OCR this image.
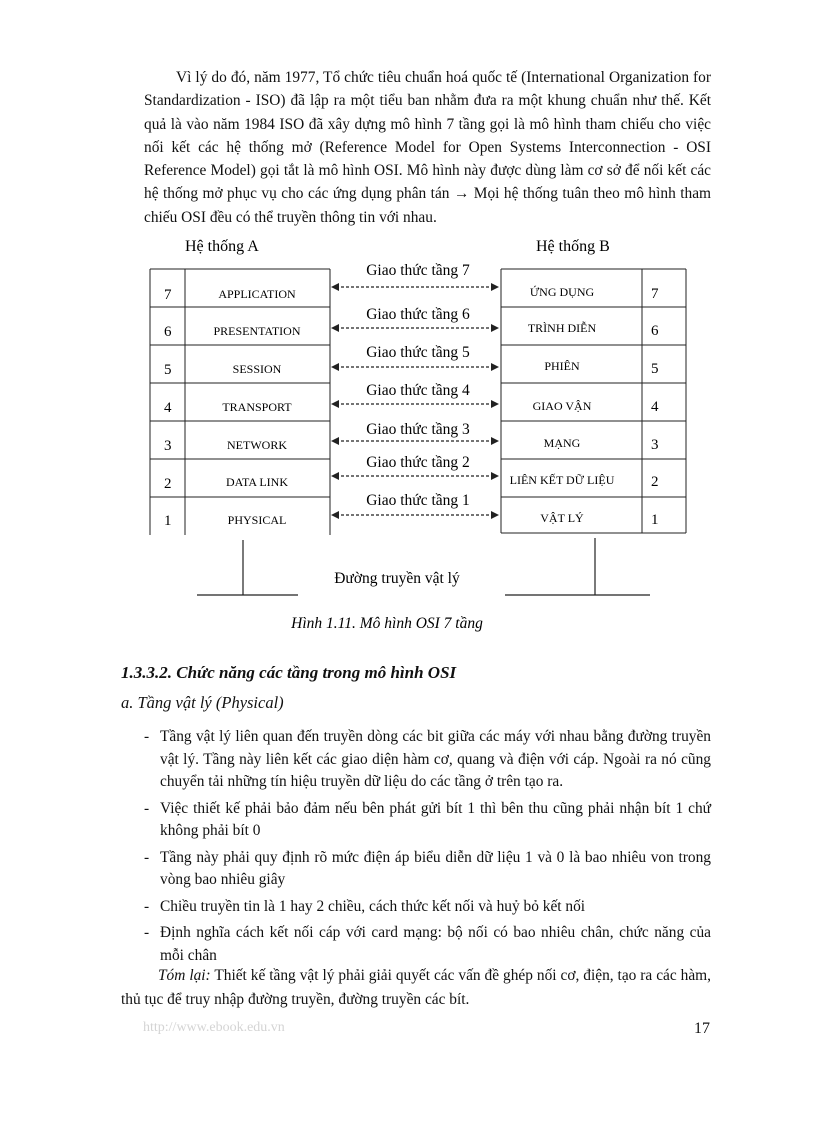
Vì lý do đó, năm 1977, Tổ chức tiêu chuẩn hoá quốc tế (International Organization for Standardization - ISO) đã lập ra một tiểu ban nhằm đưa ra một khung chuẩn như thế. Kết quả là vào năm 1984 ISO đã xây dựng mô hình 7 tầng gọi là mô hình tham chiếu cho việc nối kết các hệ thống mở (Reference Model for Open Systems Interconnection - OSI Reference Model) gọi tắt là mô hình OSI. Mô hình này được dùng làm cơ sở để nối kết các hệ thống mở phục vụ cho các ứng dụng phân tán → Mọi hệ thống tuân theo mô hình tham chiếu OSI đều có thể truyền thông tin với nhau.

Hệ thống A	Hệ thống B
7	APPLICATION	ỨNG DỤNG	7
Giao thức tầng 7
6	PRESENTATION	TRÌNH DIỄN	6
Giao thức tầng 6
5	SESSION	PHIÊN	5
Giao thức tầng 5
4	TRANSPORT	GIAO VẬN	4
Giao thức tầng 4
3	NETWORK	MẠNG	3
Giao thức tầng 3
2	DATA LINK	LIÊN KẾT DỮ LIỆU 2
Giao thức tầng 2
1	PHYSICAL	VẬT LÝ	1
Giao thức tầng 1
Đường truyền vật lý
Hình 1.11. Mô hình OSI 7 tầng
1.3.3.2. Chức năng các tầng trong mô hình OSI
a. Tầng vật lý (Physical)
- Tầng vật lý liên quan đến truyền dòng các bit giữa các máy với nhau bằng đường truyền vật lý. Tầng này liên kết các giao diện hàm cơ, quang và điện với cáp. Ngoài ra nó cũng chuyển tải những tín hiệu truyền dữ liệu do các tầng ở trên tạo ra.
- Việc thiết kế phải bảo đảm nếu bên phát gửi bít 1 thì bên thu cũng phải nhận bít 1 chứ không phải bít 0
- Tầng này phải quy định rõ mức điện áp biểu diễn dữ liệu 1 và 0 là bao nhiêu von trong vòng bao nhiêu giây
- Chiều truyền tin là 1 hay 2 chiều, cách thức kết nối và huỷ bỏ kết nối
- Định nghĩa cách kết nối cáp với card mạng: bộ nối có bao nhiêu chân, chức năng của mỗi chân
Tóm lại: Thiết kế tầng vật lý phải giải quyết các vấn đề ghép nối cơ, điện, tạo ra các hàm, thủ tục để truy nhập đường truyền, đường truyền các bít.
http://www.ebook.edu.vn	17
